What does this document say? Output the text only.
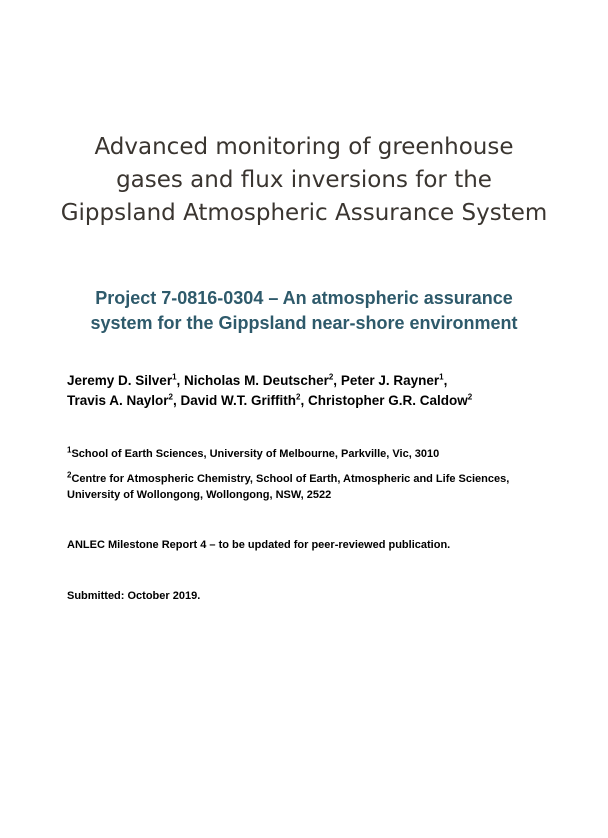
Advanced monitoring of greenhouse
gases and flux inversions for the
Gippsland Atmospheric Assurance System
Project 7-0816-0304 – An atmospheric assurance
system for the Gippsland near-shore environment
Jeremy D. Silver$^1$, Nicholas M. Deutscher$^2$, Peter J. Rayner$^1$,
Travis A. Naylor$^2$, David W.T. Griffith$^2$, Christopher G.R. Caldow$^2$
$^1$School of Earth Sciences, University of Melbourne, Parkville, Vic, 3010
$^2$Centre for Atmospheric Chemistry, School of Earth, Atmospheric and Life Sciences,
University of Wollongong, Wollongong, NSW, 2522
ANLEC Milestone Report 4 – to be updated for peer-reviewed publication.
Submitted: October 2019.
